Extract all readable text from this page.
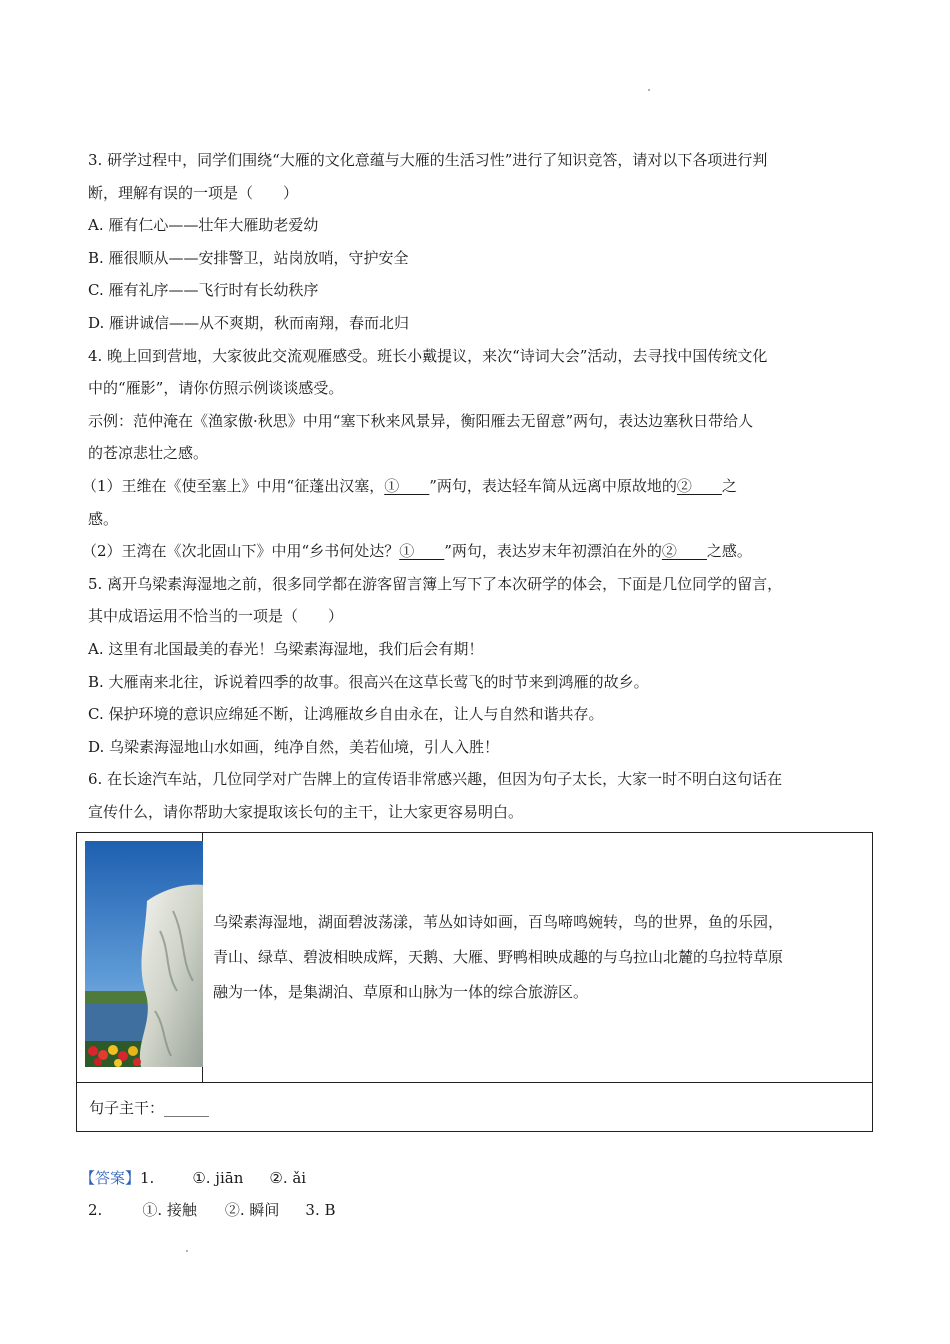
3. 研学过程中，同学们围绕“大雁的文化意蕴与大雁的生活习性”进行了知识竞答，请对以下各项进行判
断，理解有误的一项是（　　）
A. 雁有仁心——壮年大雁助老爱幼
B. 雁很顺从——安排警卫，站岗放哨，守护安全
C. 雁有礼序——飞行时有长幼秩序
D. 雁讲诚信——从不爽期，秋而南翔，春而北归
4. 晚上回到营地，大家彼此交流观雁感受。班长小戴提议，来次“诗词大会”活动，去寻找中国传统文化
中的“雁影”，请你仿照示例谈谈感受。
示例：范仲淹在《渔家傲·秋思》中用“塞下秋来风景异，衡阳雁去无留意”两句，表达边塞秋日带给人
的苍凉悲壮之感。
（1）王维在《使至塞上》中用“征蓬出汉塞，①____”两句，表达轻车简从远离中原故地的②____之
感。
（2）王湾在《次北固山下》中用“乡书何处达？①____”两句，表达岁末年初漂泊在外的②____之感。
5. 离开乌梁素海湿地之前，很多同学都在游客留言簿上写下了本次研学的体会，下面是几位同学的留言，
其中成语运用不恰当的一项是（　　）
A. 这里有北国最美的春光！乌梁素海湿地，我们后会有期！
B. 大雁南来北往，诉说着四季的故事。很高兴在这草长莺飞的时节来到鸿雁的故乡。
C. 保护环境的意识应绵延不断，让鸿雁故乡自由永在，让人与自然和谐共存。
D. 乌梁素海湿地山水如画，纯净自然，美若仙境，引人入胜！
6. 在长途汽车站，几位同学对广告牌上的宣传语非常感兴趣，但因为句子太长，大家一时不明白这句话在
宣传什么，请你帮助大家提取该长句的主干，让大家更容易明白。
乌梁素海湿地，湖面碧波荡漾，苇丛如诗如画，百鸟啼鸣婉转，鸟的世界，鱼的乐园，
青山、绿草、碧波相映成辉，天鹅、大雁、野鸭相映成趣的与乌拉山北麓的乌拉特草原
融为一体，是集湖泊、草原和山脉为一体的综合旅游区。
句子主干：______
【答案】1.	①. jiān ②. ǎi
2.	①. 接触 ②. 瞬间 3. B
